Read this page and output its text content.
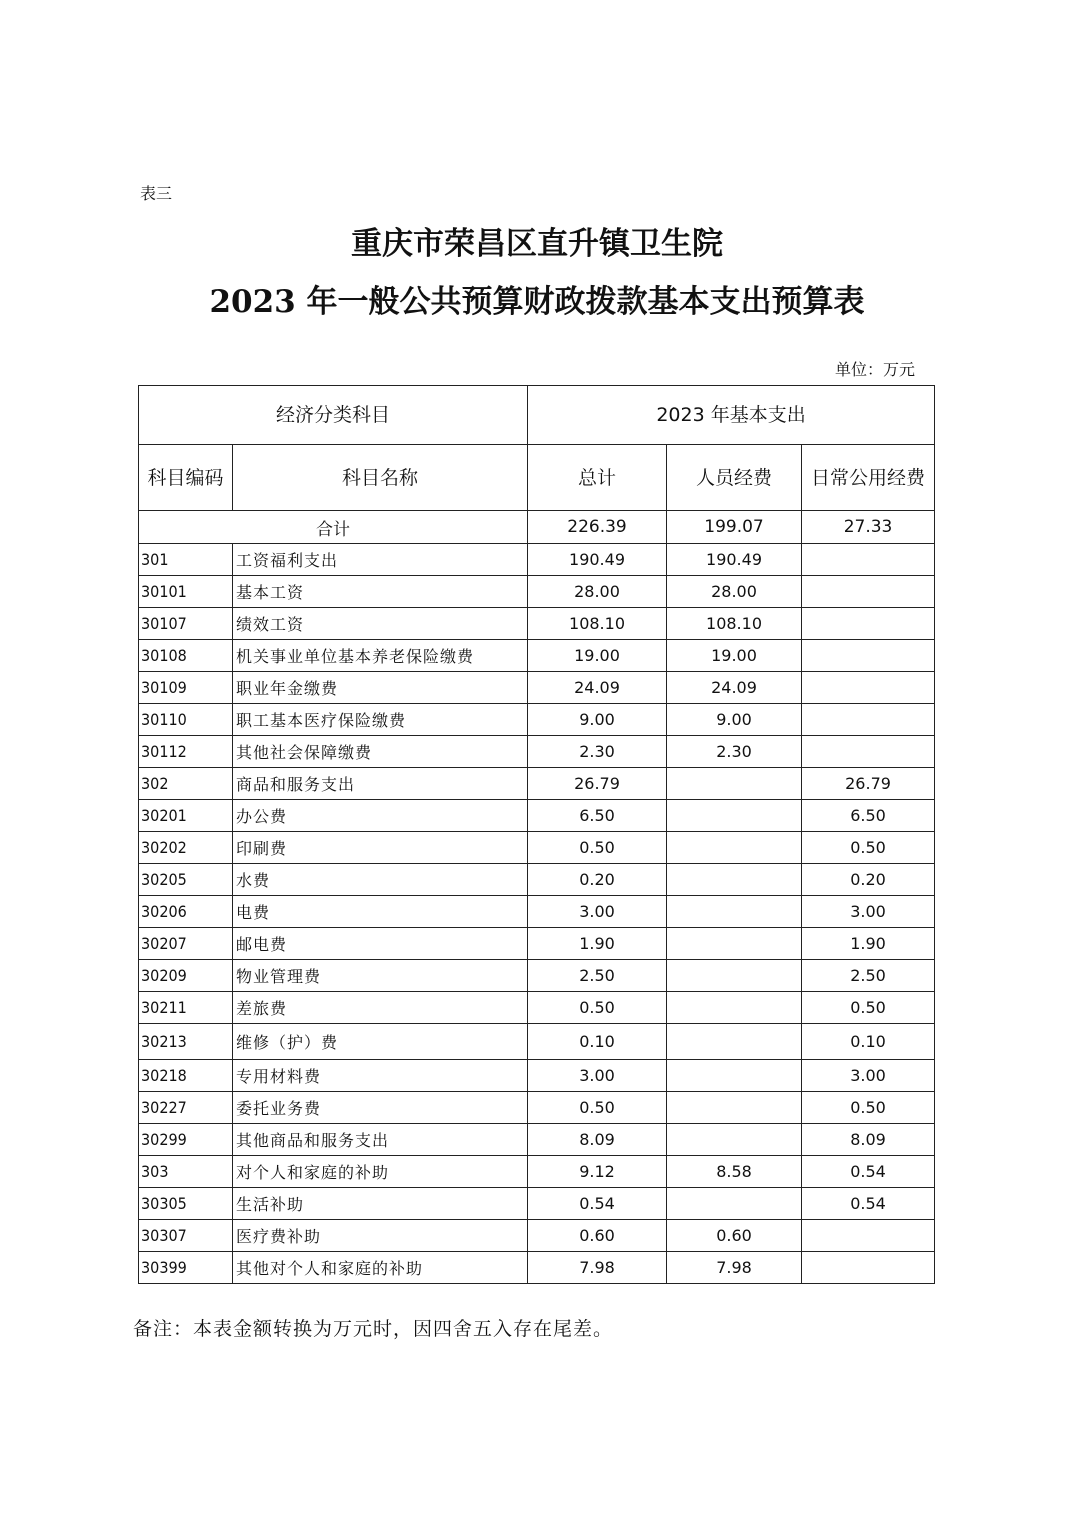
表三
重庆市荣昌区直升镇卫生院
2023 年一般公共预算财政拨款基本支出预算表
单位：万元
经济分类科目		2023 年基本支出		
科目编码	科目名称	总计	人员经费	日常公用经费
合计		226.39	199.07	27.33
301	工资福利支出	190.49	190.49	
30101	基本工资	28.00	28.00	
30107	绩效工资	108.10	108.10	
30108	机关事业单位基本养老保险缴费	19.00	19.00	
30109	职业年金缴费	24.09	24.09	
30110	职工基本医疗保险缴费	9.00	9.00	
30112	其他社会保障缴费	2.30	2.30	
302	商品和服务支出	26.79		26.79
30201	办公费	6.50		6.50
30202	印刷费	0.50		0.50
30205	水费	0.20		0.20
30206	电费	3.00		3.00
30207	邮电费	1.90		1.90
30209	物业管理费	2.50		2.50
30211	差旅费	0.50		0.50
30213	维修（护）费	0.10		0.10
30218	专用材料费	3.00		3.00
30227	委托业务费	0.50		0.50
30299	其他商品和服务支出	8.09		8.09
303	对个人和家庭的补助	9.12	8.58	0.54
30305	生活补助	0.54		0.54
30307	医疗费补助	0.60	0.60	
30399	其他对个人和家庭的补助	7.98	7.98	
备注：本表金额转换为万元时，因四舍五入存在尾差。
